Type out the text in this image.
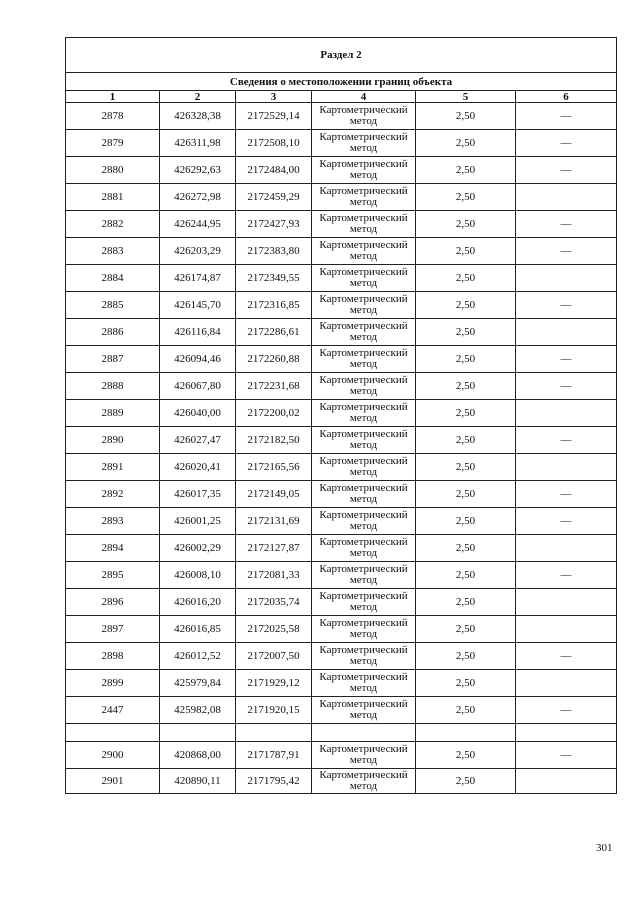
Раздел 2					
Сведения о местоположении границ объекта					
1	2	3	4	5	6
2878	426328,38	2172529,14	Картометрический метод	2,50	—
2879	426311,98	2172508,10	Картометрический метод	2,50	—
2880	426292,63	2172484,00	Картометрический метод	2,50	—
2881	426272,98	2172459,29	Картометрический метод	2,50	
2882	426244,95	2172427,93	Картометрический метод	2,50	—
2883	426203,29	2172383,80	Картометрический метод	2,50	—
2884	426174,87	2172349,55	Картометрический метод	2,50	
2885	426145,70	2172316,85	Картометрический метод	2,50	—
2886	426116,84	2172286,61	Картометрический метод	2,50	
2887	426094,46	2172260,88	Картометрический метод	2,50	—
2888	426067,80	2172231,68	Картометрический метод	2,50	—
2889	426040,00	2172200,02	Картометрический метод	2,50	
2890	426027,47	2172182,50	Картометрический метод	2,50	—
2891	426020,41	2172165,56	Картометрический метод	2,50	
2892	426017,35	2172149,05	Картометрический метод	2,50	—
2893	426001,25	2172131,69	Картометрический метод	2,50	—
2894	426002,29	2172127,87	Картометрический метод	2,50	
2895	426008,10	2172081,33	Картометрический метод	2,50	—
2896	426016,20	2172035,74	Картометрический метод	2,50	
2897	426016,85	2172025,58	Картометрический метод	2,50	
2898	426012,52	2172007,50	Картометрический метод	2,50	—
2899	425979,84	2171929,12	Картометрический метод	2,50	
2447	425982,08	2171920,15	Картометрический метод	2,50	—

2900	420868,00	2171787,91	Картометрический метод	2,50	—
2901	420890,11	2171795,42	Картометрический метод	2,50	
301
